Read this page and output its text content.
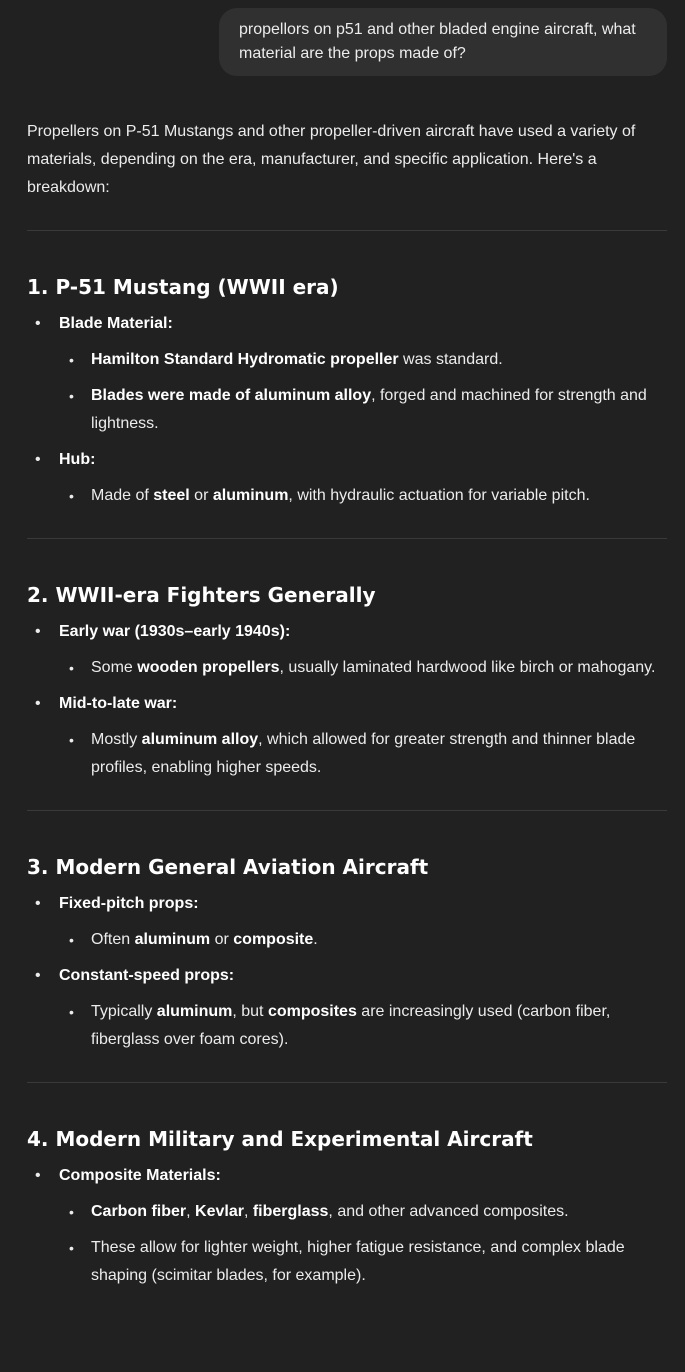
propellors on p51 and other bladed engine aircraft, what material are the props made of?

Propellers on P-51 Mustangs and other propeller-driven aircraft have used a variety of materials, depending on the era, manufacturer, and specific application. Here's a breakdown:

1. P-51 Mustang (WWII era)
• Blade Material:
• Hamilton Standard Hydromatic propeller was standard.
• Blades were made of aluminum alloy, forged and machined for strength and lightness.
• Hub:
• Made of steel or aluminum, with hydraulic actuation for variable pitch.
2. WWII-era Fighters Generally
• Early war (1930s–early 1940s):
• Some wooden propellers, usually laminated hardwood like birch or mahogany.
• Mid-to-late war:
• Mostly aluminum alloy, which allowed for greater strength and thinner blade profiles, enabling higher speeds.
3. Modern General Aviation Aircraft
• Fixed-pitch props:
• Often aluminum or composite.
• Constant-speed props:
• Typically aluminum, but composites are increasingly used (carbon fiber, fiberglass over foam cores).
4. Modern Military and Experimental Aircraft
• Composite Materials:
• Carbon fiber, Kevlar, fiberglass, and other advanced composites.
• These allow for lighter weight, higher fatigue resistance, and complex blade shaping (scimitar blades, for example).
